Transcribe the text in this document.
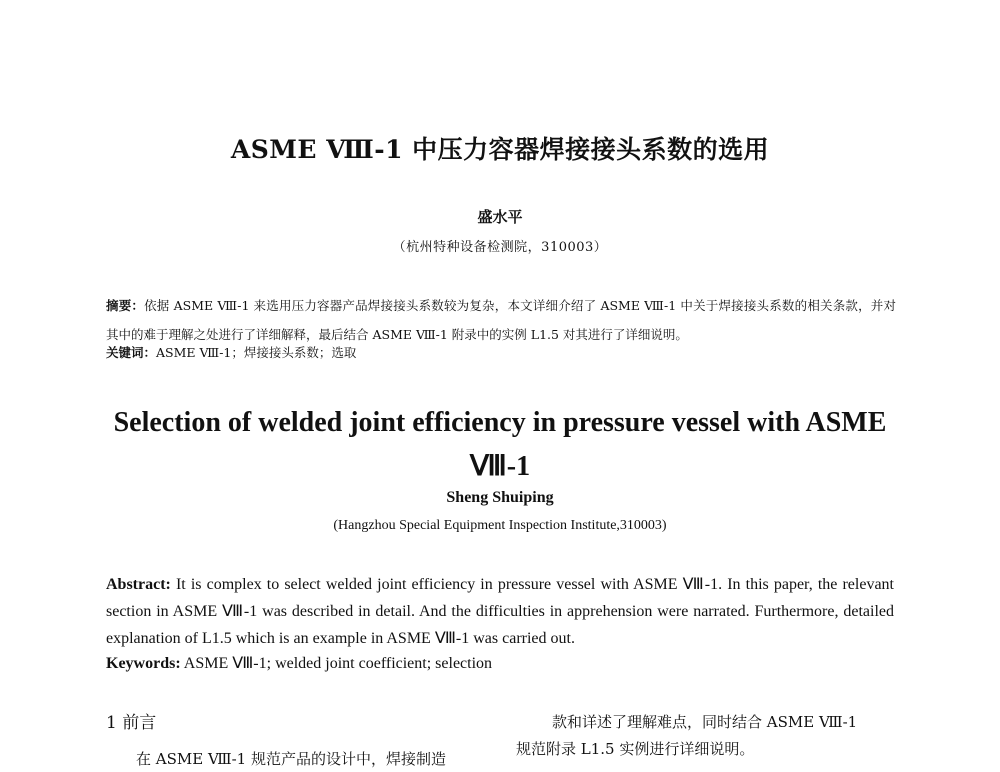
ASME Ⅷ-1 中压力容器焊接接头系数的选用
盛水平
（杭州特种设备检测院，310003）
摘要：依据 ASME Ⅷ-1 来选用压力容器产品焊接接头系数较为复杂，本文详细介绍了 ASME Ⅷ-1 中关于焊接接头系数的相关条款，并对其中的难于理解之处进行了详细解释，最后结合 ASME Ⅷ-1 附录中的实例 L1.5 对其进行了详细说明。
关键词：ASME Ⅷ-1；焊接接头系数；选取
Selection of welded joint efficiency in pressure vessel with ASME Ⅷ-1
Sheng Shuiping
(Hangzhou Special Equipment Inspection Institute,310003)
Abstract: It is complex to select welded joint efficiency in pressure vessel with ASME Ⅷ-1. In this paper, the relevant section in ASME Ⅷ-1 was described in detail. And the difficulties in apprehension were narrated. Furthermore, detailed explanation of L1.5 which is an example in ASME Ⅷ-1 was carried out.
Keywords: ASME Ⅷ-1; welded joint coefficient; selection
1 前言
在 ASME Ⅷ-1 规范产品的设计中，焊接制造
款和详述了理解难点，同时结合 ASME Ⅷ-1
规范附录 L1.5 实例进行详细说明。
